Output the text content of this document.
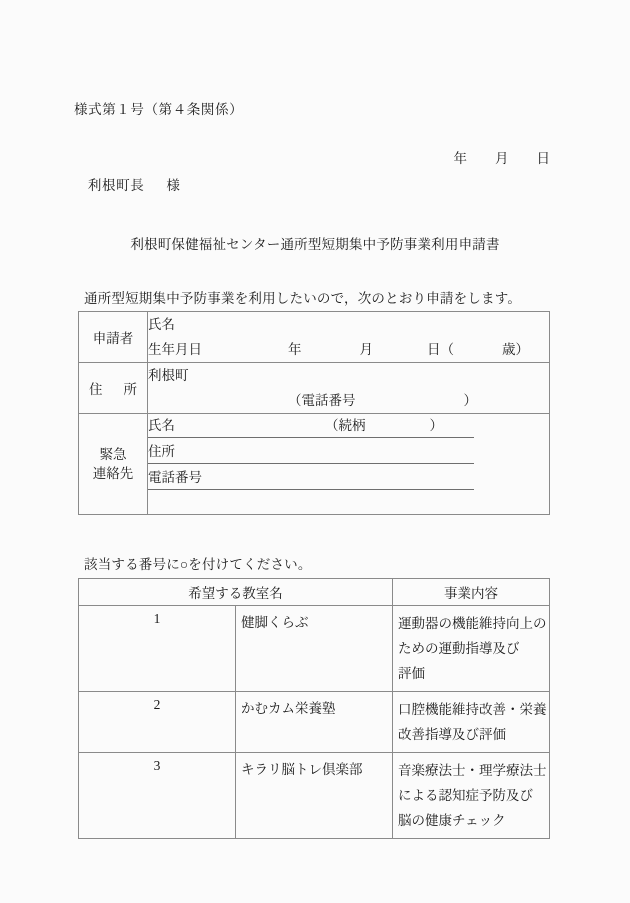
様式第１号（第４条関係）

年 月 日

利根町長 様

利根町保健福祉センター通所型短期集中予防事業利用申請書
通所型短期集中予防事業を利用したいので，次のとおり申請をします。
申請者	氏名
生年月日 年 月 日（ 歳）

住　所	利根町
（電話番号 ）

緊急
連絡先

氏名	（続柄	）
住所
電話番号
該当する番号に○を付けてください。
希望する教室名		事業内容
1	健脚くらぶ	運動器の機能維持向上のための運動指導及び
評価

2	かむカム栄養塾	口腔機能維持改善・栄養改善指導及び評価

3	キラリ脳トレ倶楽部	音楽療法士・理学療法士による認知症予防及び
脳の健康チェック
